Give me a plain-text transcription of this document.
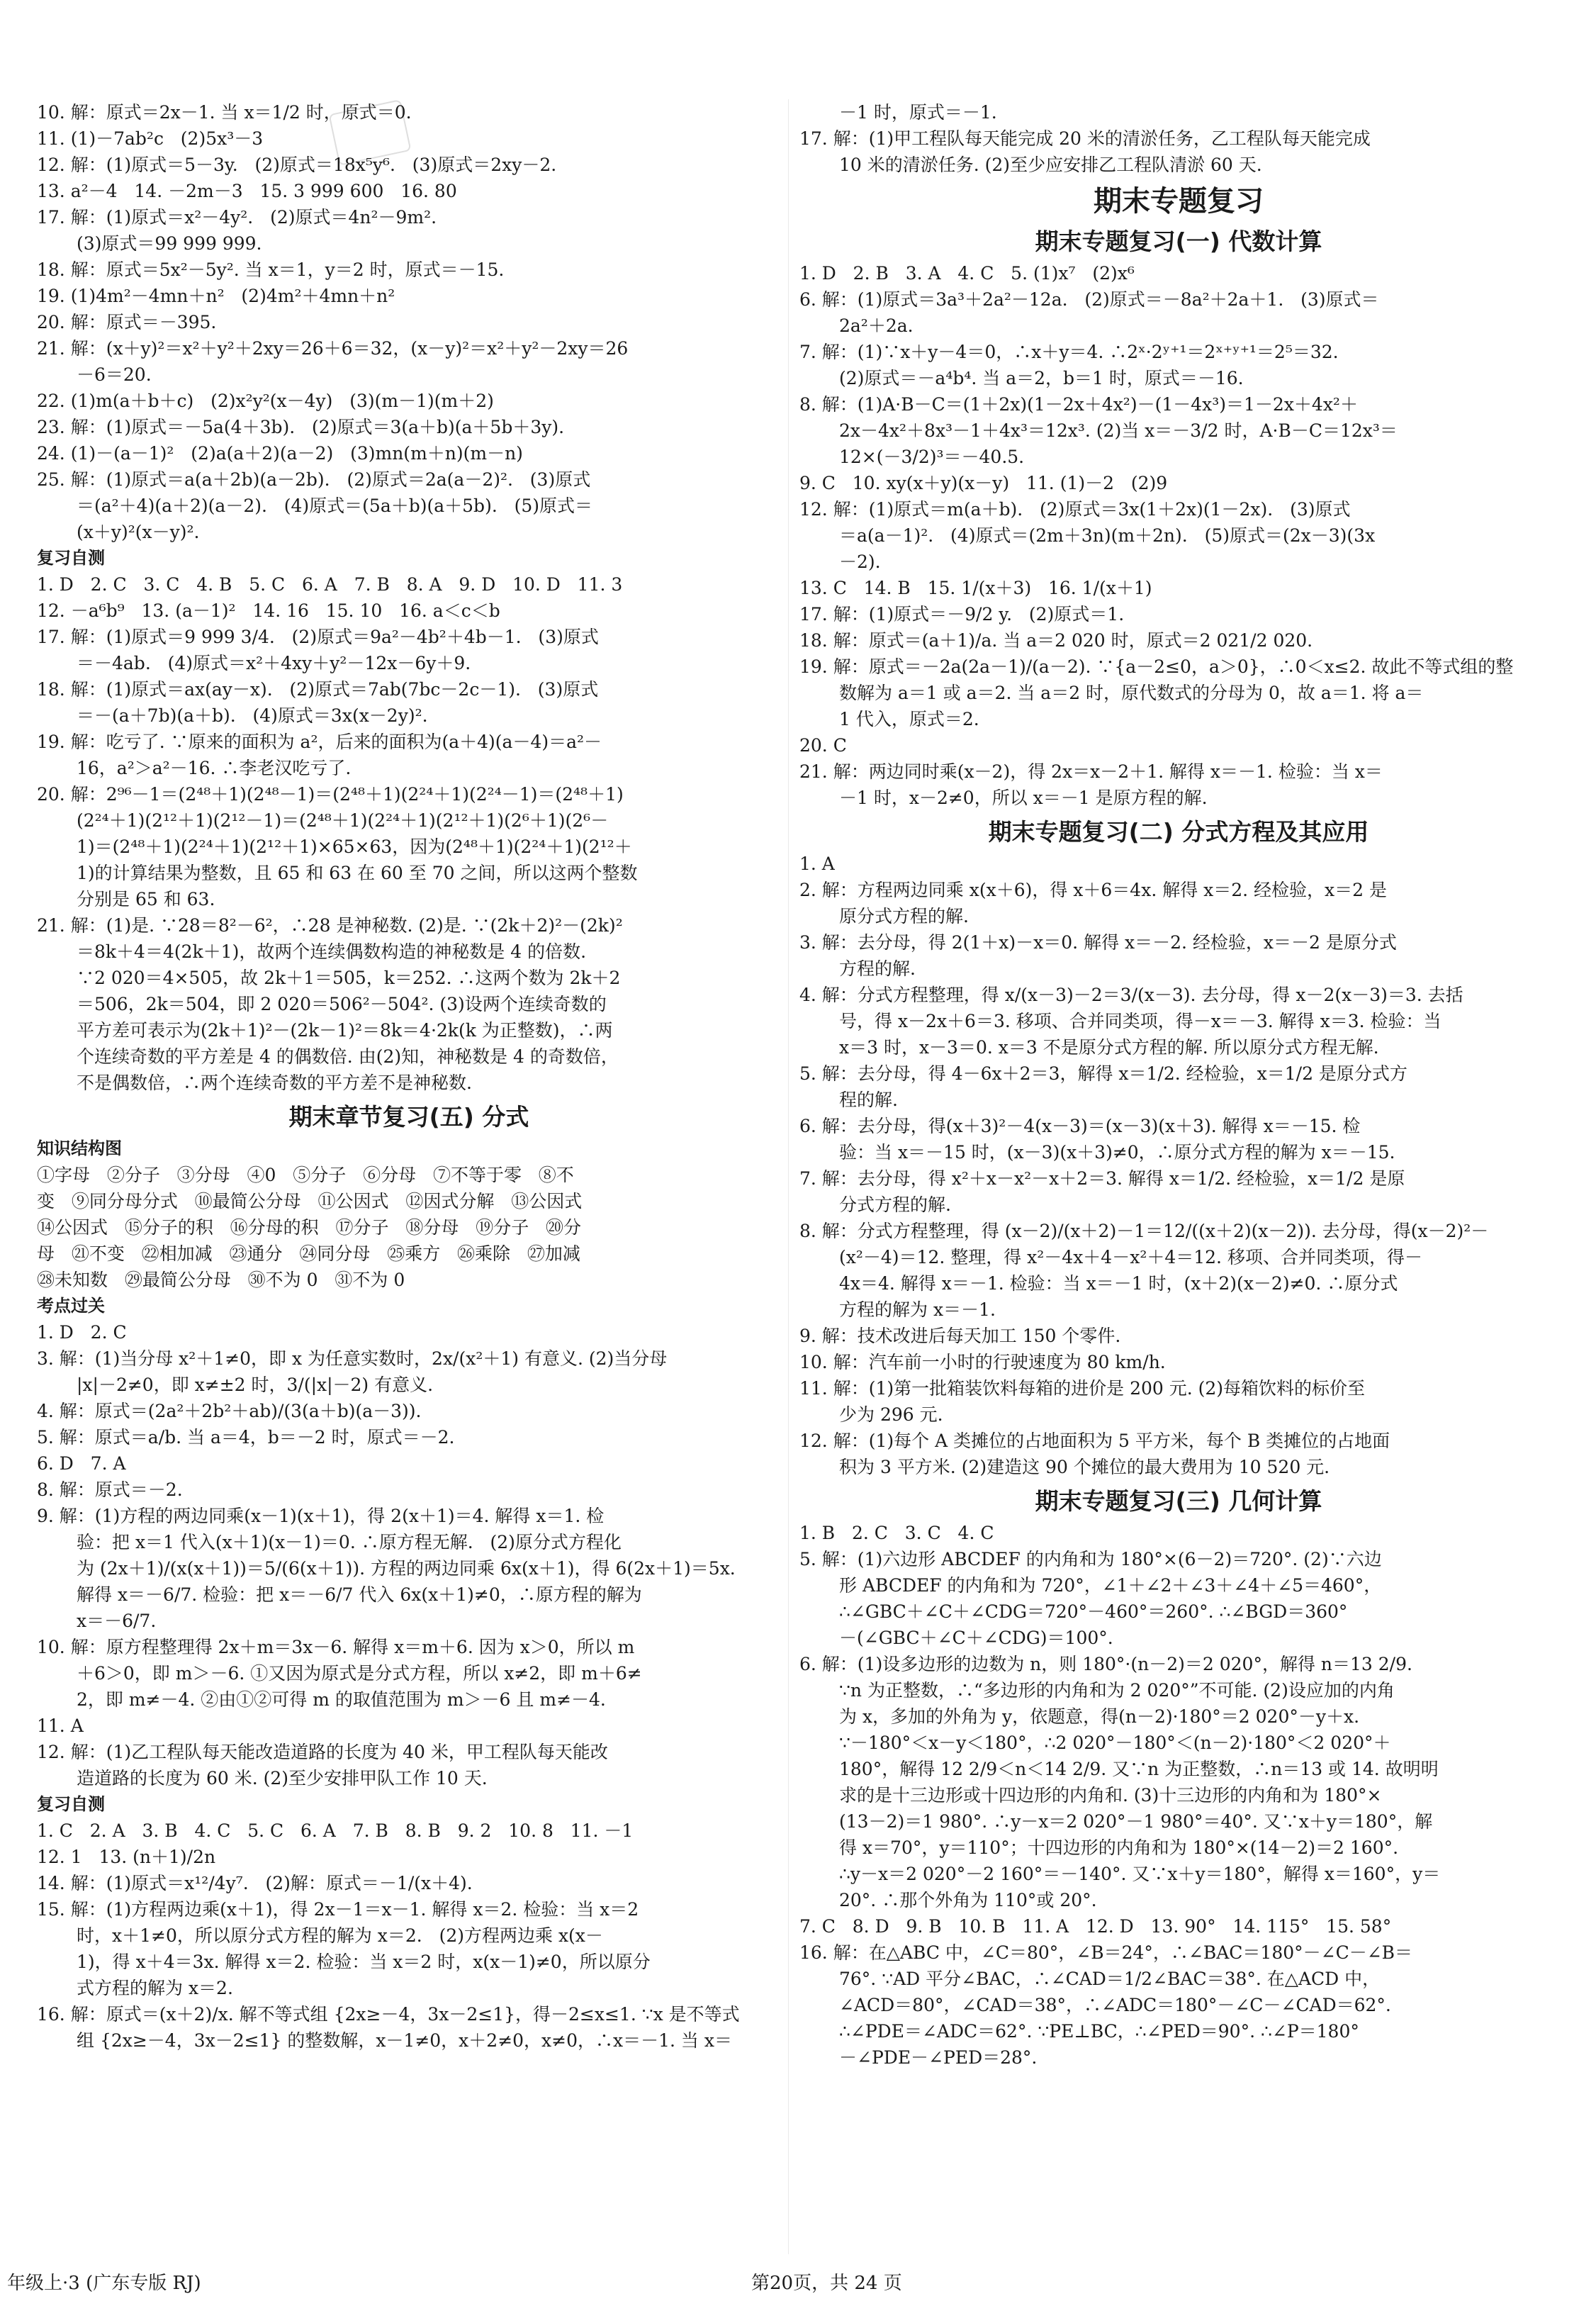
10. 解：原式＝2x－1. 当 x＝1/2 时，原式＝0.
11. (1)－7ab²c   (2)5x³－3
12. 解：(1)原式＝5－3y.   (2)原式＝18x⁵y⁶.   (3)原式＝2xy－2.
13. a²－4   14. －2m－3   15. 3 999 600   16. 80
17. 解：(1)原式＝x²－4y².   (2)原式＝4n²－9m².
(3)原式＝99 999 999.
18. 解：原式＝5x²－5y². 当 x＝1，y＝2 时，原式＝－15.
19. (1)4m²－4mn＋n²   (2)4m²＋4mn＋n²
20. 解：原式＝－395.
21. 解：(x＋y)²＝x²＋y²＋2xy＝26＋6＝32，(x－y)²＝x²＋y²－2xy＝26
－6＝20.
22. (1)m(a＋b＋c)   (2)x²y²(x－4y)   (3)(m－1)(m＋2)
23. 解：(1)原式＝－5a(4＋3b).   (2)原式＝3(a＋b)(a＋5b＋3y).
24. (1)－(a－1)²   (2)a(a＋2)(a－2)   (3)mn(m＋n)(m－n)
25. 解：(1)原式＝a(a＋2b)(a－2b).   (2)原式＝2a(a－2)².   (3)原式
＝(a²＋4)(a＋2)(a－2).   (4)原式＝(5a＋b)(a＋5b).   (5)原式＝
(x＋y)²(x－y)².
复习自测
1. D   2. C   3. C   4. B   5. C   6. A   7. B   8. A   9. D   10. D   11. 3
12. －a⁶b⁹   13. (a－1)²   14. 16   15. 10   16. a＜c＜b
17. 解：(1)原式＝9 999 3/4.   (2)原式＝9a²－4b²＋4b－1.   (3)原式
＝－4ab.   (4)原式＝x²＋4xy＋y²－12x－6y＋9.
18. 解：(1)原式＝ax(ay－x).   (2)原式＝7ab(7bc－2c－1).   (3)原式
＝－(a＋7b)(a＋b).   (4)原式＝3x(x－2y)².
19. 解：吃亏了. ∵原来的面积为 a²，后来的面积为(a＋4)(a－4)＝a²－
16，a²＞a²－16. ∴李老汉吃亏了.
20. 解：2⁹⁶－1＝(2⁴⁸＋1)(2⁴⁸－1)＝(2⁴⁸＋1)(2²⁴＋1)(2²⁴－1)＝(2⁴⁸＋1)
(2²⁴＋1)(2¹²＋1)(2¹²－1)＝(2⁴⁸＋1)(2²⁴＋1)(2¹²＋1)(2⁶＋1)(2⁶－
1)＝(2⁴⁸＋1)(2²⁴＋1)(2¹²＋1)×65×63，因为(2⁴⁸＋1)(2²⁴＋1)(2¹²＋
1)的计算结果为整数，且 65 和 63 在 60 至 70 之间，所以这两个整数
分别是 65 和 63.
21. 解：(1)是. ∵28＝8²－6²，∴28 是神秘数. (2)是. ∵(2k＋2)²－(2k)²
＝8k＋4＝4(2k＋1)，故两个连续偶数构造的神秘数是 4 的倍数.
∵2 020＝4×505，故 2k＋1＝505，k＝252. ∴这两个数为 2k＋2
＝506，2k＝504，即 2 020＝506²－504². (3)设两个连续奇数的
平方差可表示为(2k＋1)²－(2k－1)²＝8k＝4·2k(k 为正整数)，∴两
个连续奇数的平方差是 4 的偶数倍. 由(2)知，神秘数是 4 的奇数倍，
不是偶数倍，∴两个连续奇数的平方差不是神秘数.
期末章节复习(五) 分式
知识结构图
①字母   ②分子   ③分母   ④0   ⑤分子   ⑥分母   ⑦不等于零   ⑧不
变   ⑨同分母分式   ⑩最简公分母   ⑪公因式   ⑫因式分解   ⑬公因式
⑭公因式   ⑮分子的积   ⑯分母的积   ⑰分子   ⑱分母   ⑲分子   ⑳分
母   ㉑不变   ㉒相加减   ㉓通分   ㉔同分母   ㉕乘方   ㉖乘除   ㉗加减
㉘未知数   ㉙最简公分母   ㉚不为 0   ㉛不为 0
考点过关
1. D   2. C
3. 解：(1)当分母 x²＋1≠0，即 x 为任意实数时，2x/(x²＋1) 有意义. (2)当分母
|x|－2≠0，即 x≠±2 时，3/(|x|－2) 有意义.
4. 解：原式＝(2a²＋2b²＋ab)/(3(a＋b)(a－3)).
5. 解：原式＝a/b. 当 a＝4，b＝－2 时，原式＝－2.
6. D   7. A
8. 解：原式＝－2.
9. 解：(1)方程的两边同乘(x－1)(x＋1)，得 2(x＋1)＝4. 解得 x＝1. 检
验：把 x＝1 代入(x＋1)(x－1)＝0. ∴原方程无解.   (2)原分式方程化
为 (2x＋1)/(x(x＋1))＝5/(6(x＋1)). 方程的两边同乘 6x(x＋1)，得 6(2x＋1)＝5x.
解得 x＝－6/7. 检验：把 x＝－6/7 代入 6x(x＋1)≠0，∴原方程的解为
x＝－6/7.
10. 解：原方程整理得 2x＋m＝3x－6. 解得 x＝m＋6. 因为 x＞0，所以 m
＋6＞0，即 m＞－6. ①又因为原式是分式方程，所以 x≠2，即 m＋6≠
2，即 m≠－4. ②由①②可得 m 的取值范围为 m＞－6 且 m≠－4.
11. A
12. 解：(1)乙工程队每天能改造道路的长度为 40 米，甲工程队每天能改
造道路的长度为 60 米. (2)至少安排甲队工作 10 天.
复习自测
1. C   2. A   3. B   4. C   5. C   6. A   7. B   8. B   9. 2   10. 8   11. －1
12. 1   13. (n＋1)/2n
14. 解：(1)原式＝x¹²/4y⁷.   (2)解：原式＝－1/(x＋4).
15. 解：(1)方程两边乘(x＋1)，得 2x－1＝x－1. 解得 x＝2. 检验：当 x＝2
时，x＋1≠0，所以原分式方程的解为 x＝2.   (2)方程两边乘 x(x－
1)，得 x＋4＝3x. 解得 x＝2. 检验：当 x＝2 时，x(x－1)≠0，所以原分
式方程的解为 x＝2.
16. 解：原式＝(x＋2)/x. 解不等式组 {2x≥－4，3x－2≤1}，得－2≤x≤1. ∵x 是不等式
组 {2x≥－4，3x－2≤1} 的整数解，x－1≠0，x＋2≠0，x≠0，∴x＝－1. 当 x＝
－1 时，原式＝－1.
17. 解：(1)甲工程队每天能完成 20 米的清淤任务，乙工程队每天能完成
10 米的清淤任务. (2)至少应安排乙工程队清淤 60 天.
期末专题复习
期末专题复习(一) 代数计算
1. D   2. B   3. A   4. C   5. (1)x⁷   (2)x⁶
6. 解：(1)原式＝3a³＋2a²－12a.   (2)原式＝－8a²＋2a＋1.   (3)原式＝
2a²＋2a.
7. 解：(1)∵x＋y－4＝0，∴x＋y＝4. ∴2ˣ·2ʸ⁺¹＝2ˣ⁺ʸ⁺¹＝2⁵＝32.
(2)原式＝－a⁴b⁴. 当 a＝2，b＝1 时，原式＝－16.
8. 解：(1)A·B－C＝(1＋2x)(1－2x＋4x²)－(1－4x³)＝1－2x＋4x²＋
2x－4x²＋8x³－1＋4x³＝12x³. (2)当 x＝－3/2 时，A·B－C＝12x³＝
12×(－3/2)³＝－40.5.
9. C   10. xy(x＋y)(x－y)   11. (1)－2   (2)9
12. 解：(1)原式＝m(a＋b).   (2)原式＝3x(1＋2x)(1－2x).   (3)原式
＝a(a－1)².   (4)原式＝(2m＋3n)(m＋2n).   (5)原式＝(2x－3)(3x
－2).
13. C   14. B   15. 1/(x＋3)   16. 1/(x＋1)
17. 解：(1)原式＝－9/2 y.   (2)原式＝1.
18. 解：原式＝(a＋1)/a. 当 a＝2 020 时，原式＝2 021/2 020.
19. 解：原式＝－2a(2a－1)/(a－2). ∵{a－2≤0，a＞0}，∴0＜x≤2. 故此不等式组的整
数解为 a＝1 或 a＝2. 当 a＝2 时，原代数式的分母为 0，故 a＝1. 将 a＝
1 代入，原式＝2.
20. C
21. 解：两边同时乘(x－2)，得 2x＝x－2＋1. 解得 x＝－1. 检验：当 x＝
－1 时，x－2≠0，所以 x＝－1 是原方程的解.
期末专题复习(二) 分式方程及其应用
1. A
2. 解：方程两边同乘 x(x＋6)，得 x＋6＝4x. 解得 x＝2. 经检验，x＝2 是
原分式方程的解.
3. 解：去分母，得 2(1＋x)－x＝0. 解得 x＝－2. 经检验，x＝－2 是原分式
方程的解.
4. 解：分式方程整理，得 x/(x－3)－2＝3/(x－3). 去分母，得 x－2(x－3)＝3. 去括
号，得 x－2x＋6＝3. 移项、合并同类项，得－x＝－3. 解得 x＝3. 检验：当
x＝3 时，x－3＝0. x＝3 不是原分式方程的解. 所以原分式方程无解.
5. 解：去分母，得 4－6x＋2＝3，解得 x＝1/2. 经检验，x＝1/2 是原分式方
程的解.
6. 解：去分母，得(x＋3)²－4(x－3)＝(x－3)(x＋3). 解得 x＝－15. 检
验：当 x＝－15 时，(x－3)(x＋3)≠0，∴原分式方程的解为 x＝－15.
7. 解：去分母，得 x²＋x－x²－x＋2＝3. 解得 x＝1/2. 经检验，x＝1/2 是原
分式方程的解.
8. 解：分式方程整理，得 (x－2)/(x＋2)－1＝12/((x＋2)(x－2)). 去分母，得(x－2)²－
(x²－4)＝12. 整理，得 x²－4x＋4－x²＋4＝12. 移项、合并同类项，得－
4x＝4. 解得 x＝－1. 检验：当 x＝－1 时，(x＋2)(x－2)≠0. ∴原分式
方程的解为 x＝－1.
9. 解：技术改进后每天加工 150 个零件.
10. 解：汽车前一小时的行驶速度为 80 km/h.
11. 解：(1)第一批箱装饮料每箱的进价是 200 元. (2)每箱饮料的标价至
少为 296 元.
12. 解：(1)每个 A 类摊位的占地面积为 5 平方米，每个 B 类摊位的占地面
积为 3 平方米. (2)建造这 90 个摊位的最大费用为 10 520 元.
期末专题复习(三) 几何计算
1. B   2. C   3. C   4. C
5. 解：(1)六边形 ABCDEF 的内角和为 180°×(6－2)＝720°. (2)∵六边
形 ABCDEF 的内角和为 720°，∠1＋∠2＋∠3＋∠4＋∠5＝460°，
∴∠GBC＋∠C＋∠CDG＝720°－460°＝260°. ∴∠BGD＝360°
－(∠GBC＋∠C＋∠CDG)＝100°.
6. 解：(1)设多边形的边数为 n，则 180°·(n－2)＝2 020°，解得 n＝13 2/9.
∵n 为正整数，∴“多边形的内角和为 2 020°”不可能. (2)设应加的内角
为 x，多加的外角为 y，依题意，得(n－2)·180°＝2 020°－y＋x.
∵－180°＜x－y＜180°，∴2 020°－180°＜(n－2)·180°＜2 020°＋
180°，解得 12 2/9＜n＜14 2/9. 又∵n 为正整数，∴n＝13 或 14. 故明明
求的是十三边形或十四边形的内角和. (3)十三边形的内角和为 180°×
(13－2)＝1 980°. ∴y－x＝2 020°－1 980°＝40°. 又∵x＋y＝180°，解
得 x＝70°，y＝110°；十四边形的内角和为 180°×(14－2)＝2 160°.
∴y－x＝2 020°－2 160°＝－140°. 又∵x＋y＝180°，解得 x＝160°，y＝
20°. ∴那个外角为 110°或 20°.
7. C   8. D   9. B   10. B   11. A   12. D   13. 90°   14. 115°   15. 58°
16. 解：在△ABC 中，∠C＝80°，∠B＝24°，∴∠BAC＝180°－∠C－∠B＝
76°. ∵AD 平分∠BAC，∴∠CAD＝1/2∠BAC＝38°. 在△ACD 中，
∠ACD＝80°，∠CAD＝38°，∴∠ADC＝180°－∠C－∠CAD＝62°.
∴∠PDE＝∠ADC＝62°. ∵PE⊥BC，∴∠PED＝90°. ∴∠P＝180°
－∠PDE－∠PED＝28°.
年级上·3 (广东专版 RJ)	第20页，共 24 页
